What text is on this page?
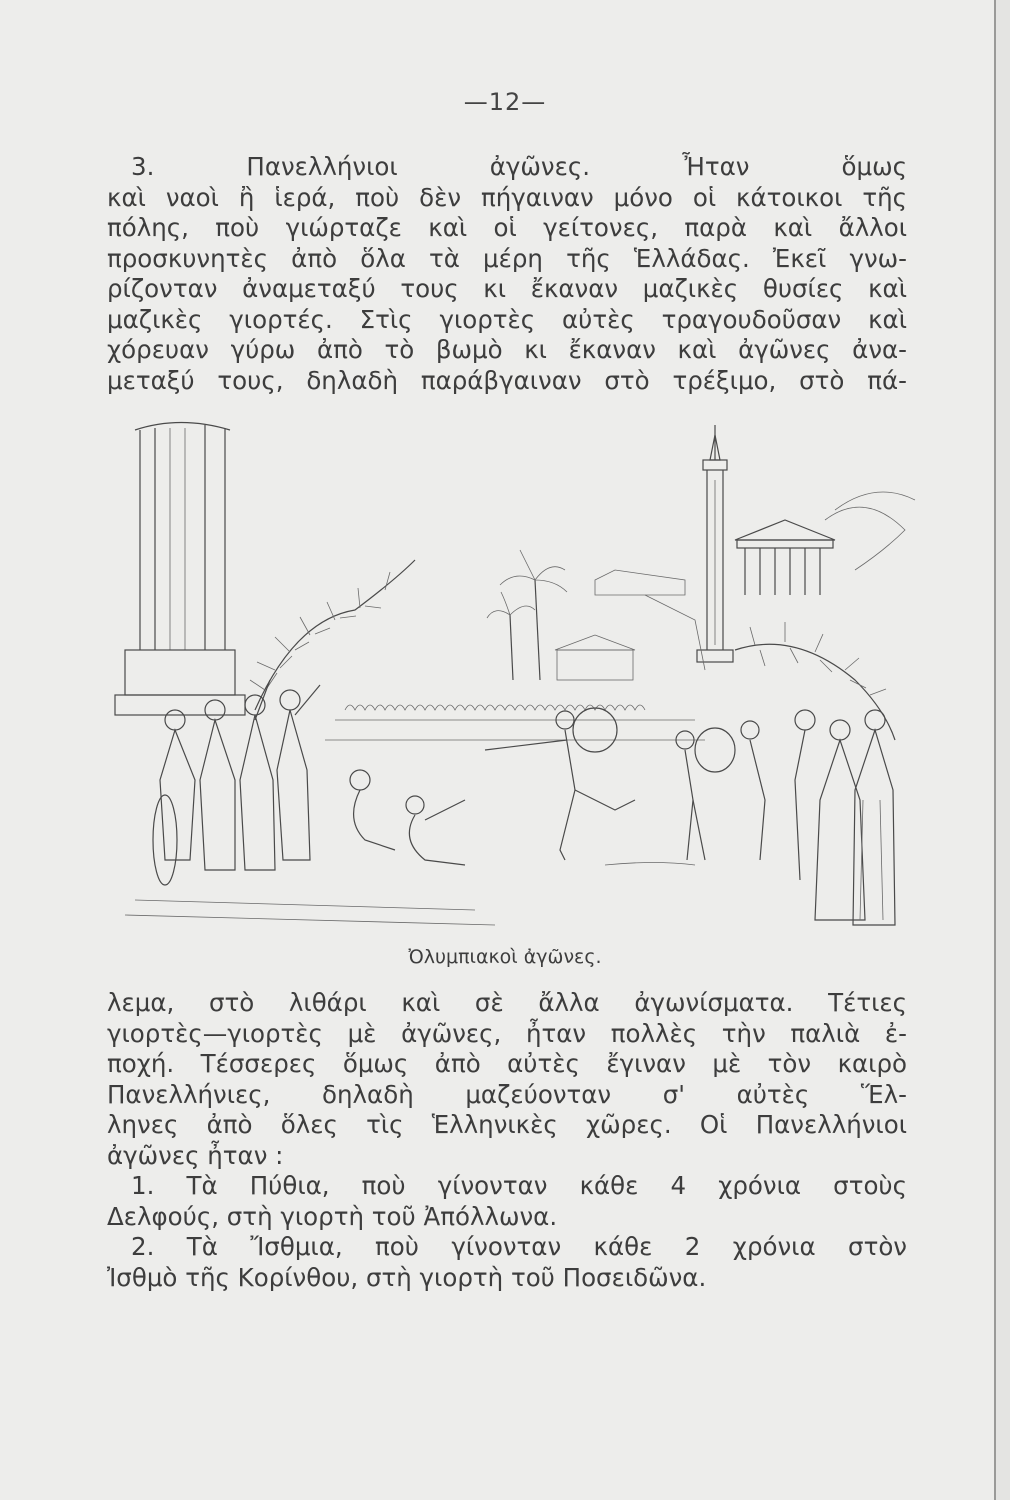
—12—
3. Πανελλήνιοι ἀγῶνες. Ἦταν ὅμως
καὶ ναοὶ ἢ ἱερά, ποὺ δὲν πήγαιναν μόνο οἱ κάτοικοι τῆς
πόλης, ποὺ γιώρταζε καὶ οἱ γείτονες, παρὰ καὶ ἄλλοι
προσκυνητὲς ἀπὸ ὅλα τὰ μέρη τῆς Ἑλλάδας. Ἐκεῖ γνω-
ρίζονταν ἀναμεταξύ τους κι ἔκαναν μαζικὲς θυσίες καὶ
μαζικὲς γιορτές. Στὶς γιορτὲς αὐτὲς τραγουδοῦσαν καὶ
χόρευαν γύρω ἀπὸ τὸ βωμὸ κι ἔκαναν καὶ ἀγῶνες ἀνα-
μεταξύ τους, δηλαδὴ παράβγαιναν στὸ τρέξιμο, στὸ πά-
Ὀλυμπιακοὶ ἀγῶνες.
λεμα, στὸ λιθάρι καὶ σὲ ἄλλα ἀγωνίσματα. Τέτιες
γιορτὲς—γιορτὲς μὲ ἀγῶνες, ἦταν πολλὲς τὴν παλιὰ ἐ-
ποχή. Τέσσερες ὅμως ἀπὸ αὐτὲς ἔγιναν μὲ τὸν καιρὸ
Πανελλήνιες, δηλαδὴ μαζεύονταν σ' αὐτὲς Ἕλ-
ληνες ἀπὸ ὅλες τὶς Ἑλληνικὲς χῶρες. Οἱ Πανελλήνιοι
ἀγῶνες ἦταν :
1. Τὰ Πύθια, ποὺ γίνονταν κάθε 4 χρόνια στοὺς
Δελφούς, στὴ γιορτὴ τοῦ Ἀπόλλωνα.
2. Τὰ Ἴσθμια, ποὺ γίνονταν κάθε 2 χρόνια στὸν
Ἰσθμὸ τῆς Κορίνθου, στὴ γιορτὴ τοῦ Ποσειδῶνα.
